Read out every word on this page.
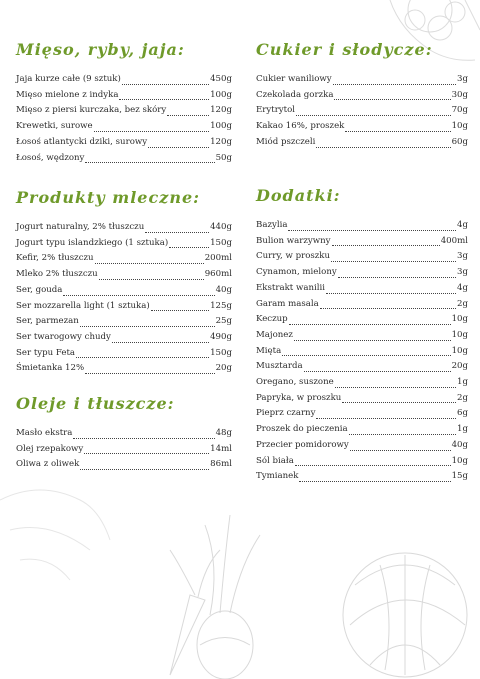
Mięso, ryby, jaja:
Jaja kurze całe (9 sztuk)	450g
Mięso mielone z indyka	100g
Mięso z piersi kurczaka, bez skóry	120g
Krewetki, surowe	100g
Łosoś atlantycki dziki, surowy	120g
Łosoś, wędzony	50g
Produkty mleczne:
Jogurt naturalny, 2% tłuszczu	440g
Jogurt typu islandzkiego (1 sztuka)	150g
Kefir, 2% tłuszczu	200ml
Mleko 2% tłuszczu	960ml
Ser, gouda	40g
Ser mozzarella light (1 sztuka)	125g
Ser, parmezan	25g
Ser twarogowy chudy	490g
Ser typu Feta	150g
Śmietanka 12%	20g
Oleje i tłuszcze:
Masło ekstra	48g
Olej rzepakowy	14ml
Oliwa z oliwek	86ml
Cukier i słodycze:
Cukier waniliowy	3g
Czekolada gorzka	30g
Erytrytol	70g
Kakao 16%, proszek	10g
Miód pszczeli	60g
Dodatki:
Bazylia	4g
Bulion warzywny	400ml
Curry, w proszku	3g
Cynamon, mielony	3g
Ekstrakt wanilii	4g
Garam masala	2g
Keczup	10g
Majonez	10g
Mięta	10g
Musztarda	20g
Oregano, suszone	1g
Papryka, w proszku	2g
Pieprz czarny	6g
Proszek do pieczenia	1g
Przecier pomidorowy	40g
Sól biała	10g
Tymianek	15g
